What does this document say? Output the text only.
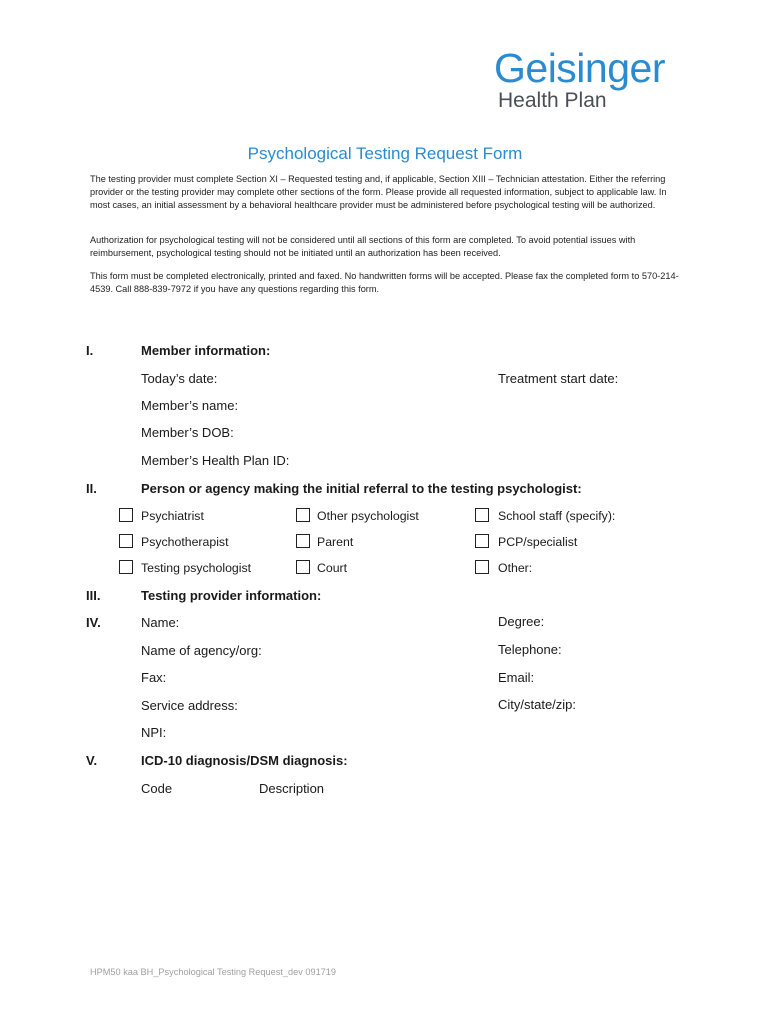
Geisinger
Health Plan
Psychological Testing Request Form
The testing provider must complete Section XI – Requested testing and, if applicable, Section XIII – Technician attestation. Either the referring provider or the testing provider may complete other sections of the form. Please provide all requested information, subject to applicable law. In most cases, an initial assessment by a behavioral healthcare provider must be administered before psychological testing will be authorized.
Authorization for psychological testing will not be considered until all sections of this form are completed. To avoid potential issues with reimbursement, psychological testing should not be initiated until an authorization has been received.
This form must be completed electronically, printed and faxed. No handwritten forms will be accepted. Please fax the completed form to 570-214-4539. Call 888-839-7972 if you have any questions regarding this form.
I.	Member information:
Today’s date:	Treatment start date:
Member’s name:
Member’s DOB:
Member’s Health Plan ID:
II.	Person or agency making the initial referral to the testing psychologist:
Psychiatrist	Other psychologist	School staff (specify):
Psychotherapist	Parent	PCP/specialist
Testing psychologist	Court	Other:
III.	Testing provider information:
IV.	Name:	Degree:
Name of agency/org:	Telephone:
Fax:	Email:
Service address:	City/state/zip:
NPI:
V.	ICD-10 diagnosis/DSM diagnosis:
Code	Description
HPM50 kaa BH_Psychological Testing Request_dev 091719
